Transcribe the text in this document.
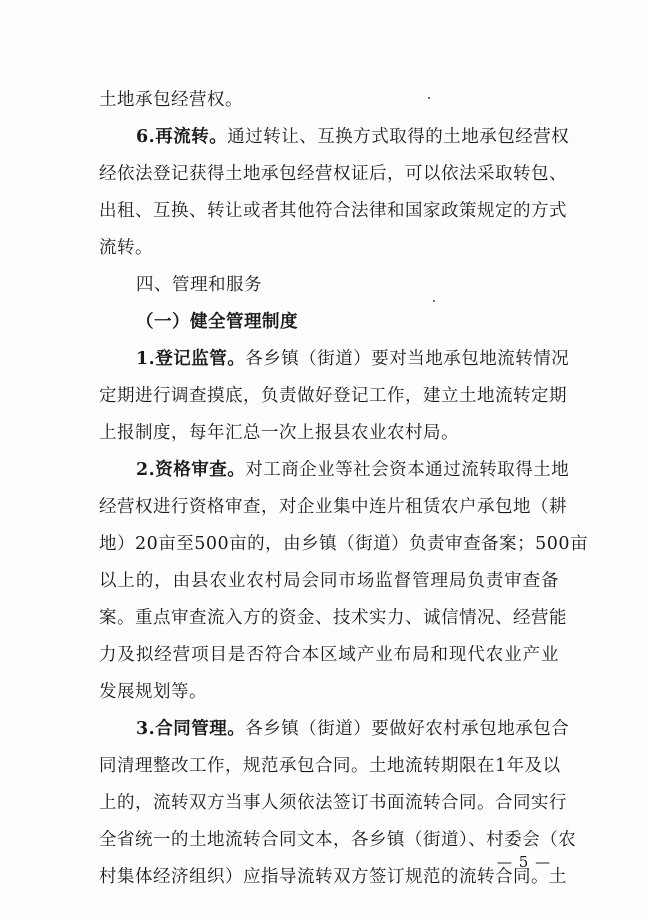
土地承包经营权。
6.再流转。通过转让、互换方式取得的土地承包经营权
经依法登记获得土地承包经营权证后，可以依法采取转包、
出租、互换、转让或者其他符合法律和国家政策规定的方式
流转。
四、管理和服务
（一）健全管理制度
1.登记监管。各乡镇（街道）要对当地承包地流转情况
定期进行调查摸底，负责做好登记工作，建立土地流转定期
上报制度，每年汇总一次上报县农业农村局。
2.资格审查。对工商企业等社会资本通过流转取得土地
经营权进行资格审查，对企业集中连片租赁农户承包地（耕
地）20亩至500亩的，由乡镇（街道）负责审查备案；500亩
以上的，由县农业农村局会同市场监督管理局负责审查备
案。重点审查流入方的资金、技术实力、诚信情况、经营能
力及拟经营项目是否符合本区域产业布局和现代农业产业
发展规划等。
3.合同管理。各乡镇（街道）要做好农村承包地承包合
同清理整改工作，规范承包合同。土地流转期限在1年及以
上的，流转双方当事人须依法签订书面流转合同。合同实行
全省统一的土地流转合同文本，各乡镇（街道）、村委会（农
村集体经济组织）应指导流转双方签订规范的流转合同。土
— 5 —
